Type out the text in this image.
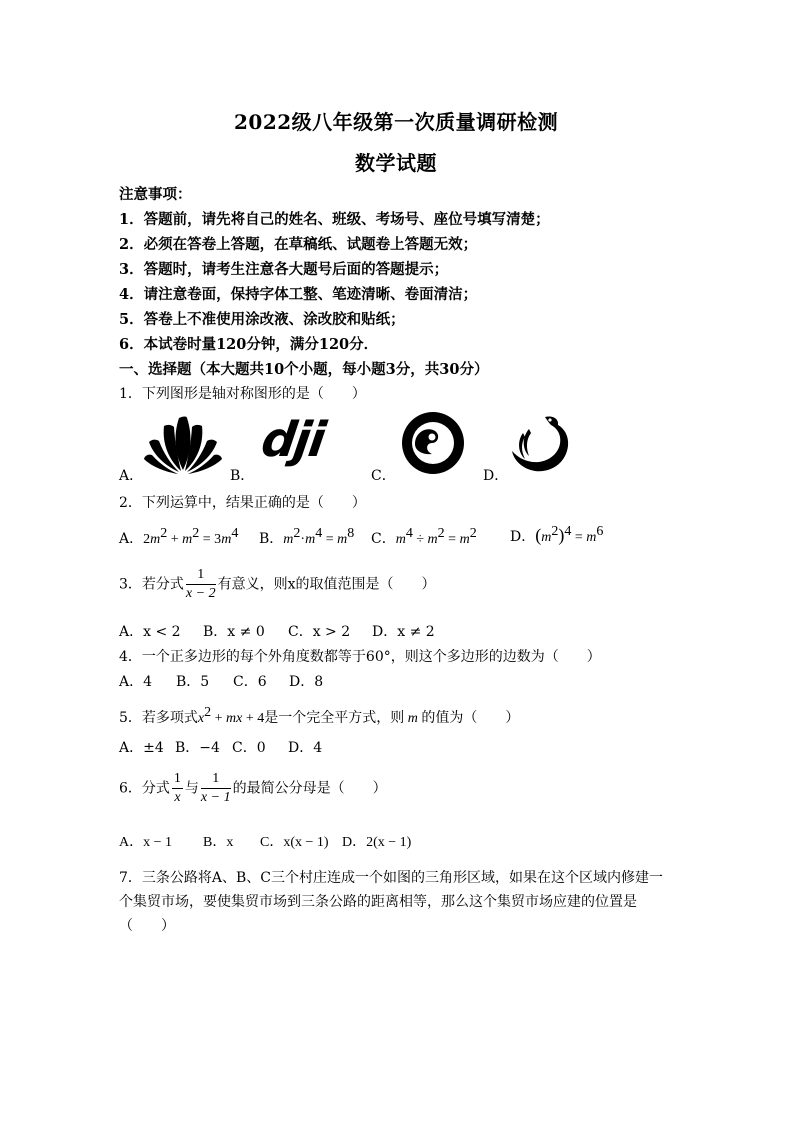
2022级八年级第一次质量调研检测
数学试题
注意事项：
1．答题前，请先将自己的姓名、班级、考场号、座位号填写清楚；
2．必须在答卷上答题，在草稿纸、试题卷上答题无效；
3．答题时，请考生注意各大题号后面的答题提示；
4．请注意卷面，保持字体工整、笔迹清晰、卷面清洁；
5．答卷上不准使用涂改液、涂改胶和贴纸；
6．本试卷时量120分钟，满分120分．
一、选择题（本大题共10个小题，每小题3分，共30分）
1．下列图形是轴对称图形的是（　　）
dji
A．	B．	C．	D．
2．下列运算中，结果正确的是（　　）
A．$2m^2 + m^2 = 3m^4$ B．$m^2\cdot m^4 = m^8$ C．$m^4 \div m^2 = m^2$ D．$(m^2)^4 = m^6$
3．若分式 $\frac{1}{x - 2}$ 有意义，则x的取值范围是（　　）
A．x < 2 B．x ≠ 0 C．x > 2 D．x ≠ 2
4．一个正多边形的每个外角度数都等于60°，则这个多边形的边数为（　　）
A．4 B．5 C．6 D．8
5．若多项式$x^2$ + mx + 4是一个完全平方式，则 m 的值为（　　）
A．±4 B．−4 C．0 D．4
6．分式 $\frac{1}{x}$ 与 $\frac{1}{x - 1}$ 的最简公分母是（　　）
A．x − 1 B．x C．x(x − 1) D．2(x − 1)
7．三条公路将A、B、C三个村庄连成一个如图的三角形区域，如果在这个区域内修建一
个集贸市场，要使集贸市场到三条公路的距离相等，那么这个集贸市场应建的位置是
（　　）
